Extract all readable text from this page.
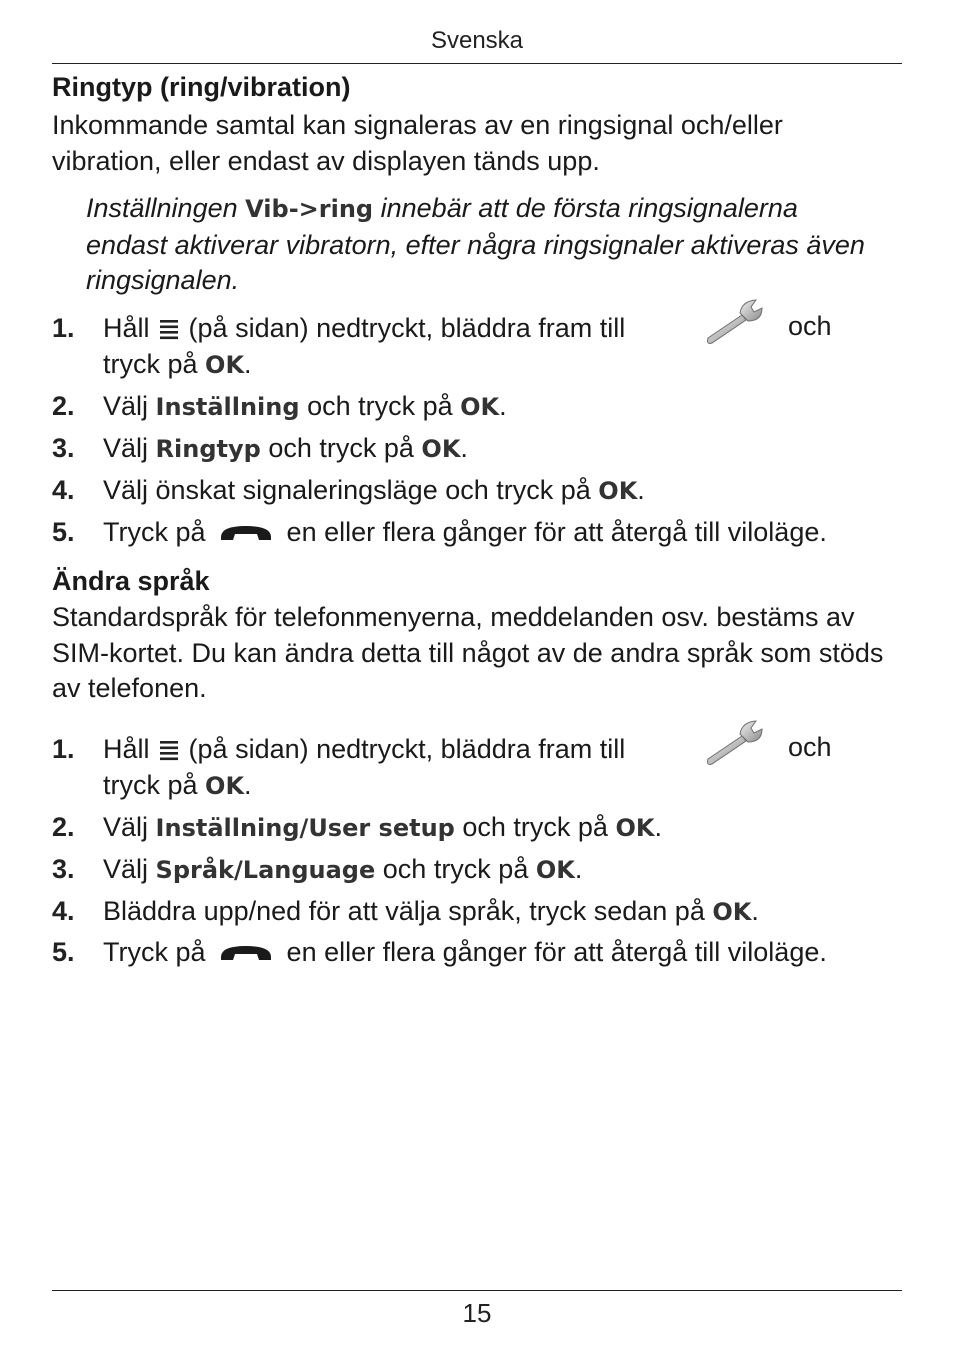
Svenska
Ringtyp (ring/vibration)
Inkommande samtal kan signaleras av en ringsignal och/eller vibration, eller endast av displayen tänds upp.
Inställningen Vib->ring innebär att de första ringsignalerna endast aktiverar vibratorn, efter några ringsignaler aktiveras även ringsignalen.
1. Håll (på sidan) nedtryckt, bläddra fram till
tryck på OK.
och
2. Välj Inställning och tryck på OK.
3. Välj Ringtyp och tryck på OK.
4. Välj önskat signaleringsläge och tryck på OK.
5. Tryck på	en eller flera gånger för att återgå till viloläge.
Ändra språk
Standardspråk för telefonmenyerna, meddelanden osv. bestäms av SIM-kortet. Du kan ändra detta till något av de andra språk som stöds av telefonen.
1. Håll (på sidan) nedtryckt, bläddra fram till
tryck på OK.
och
2. Välj Inställning/User setup och tryck på OK.
3. Välj Språk/Language och tryck på OK.
4. Bläddra upp/ned för att välja språk, tryck sedan på OK.
5. Tryck på	en eller flera gånger för att återgå till viloläge.
15
